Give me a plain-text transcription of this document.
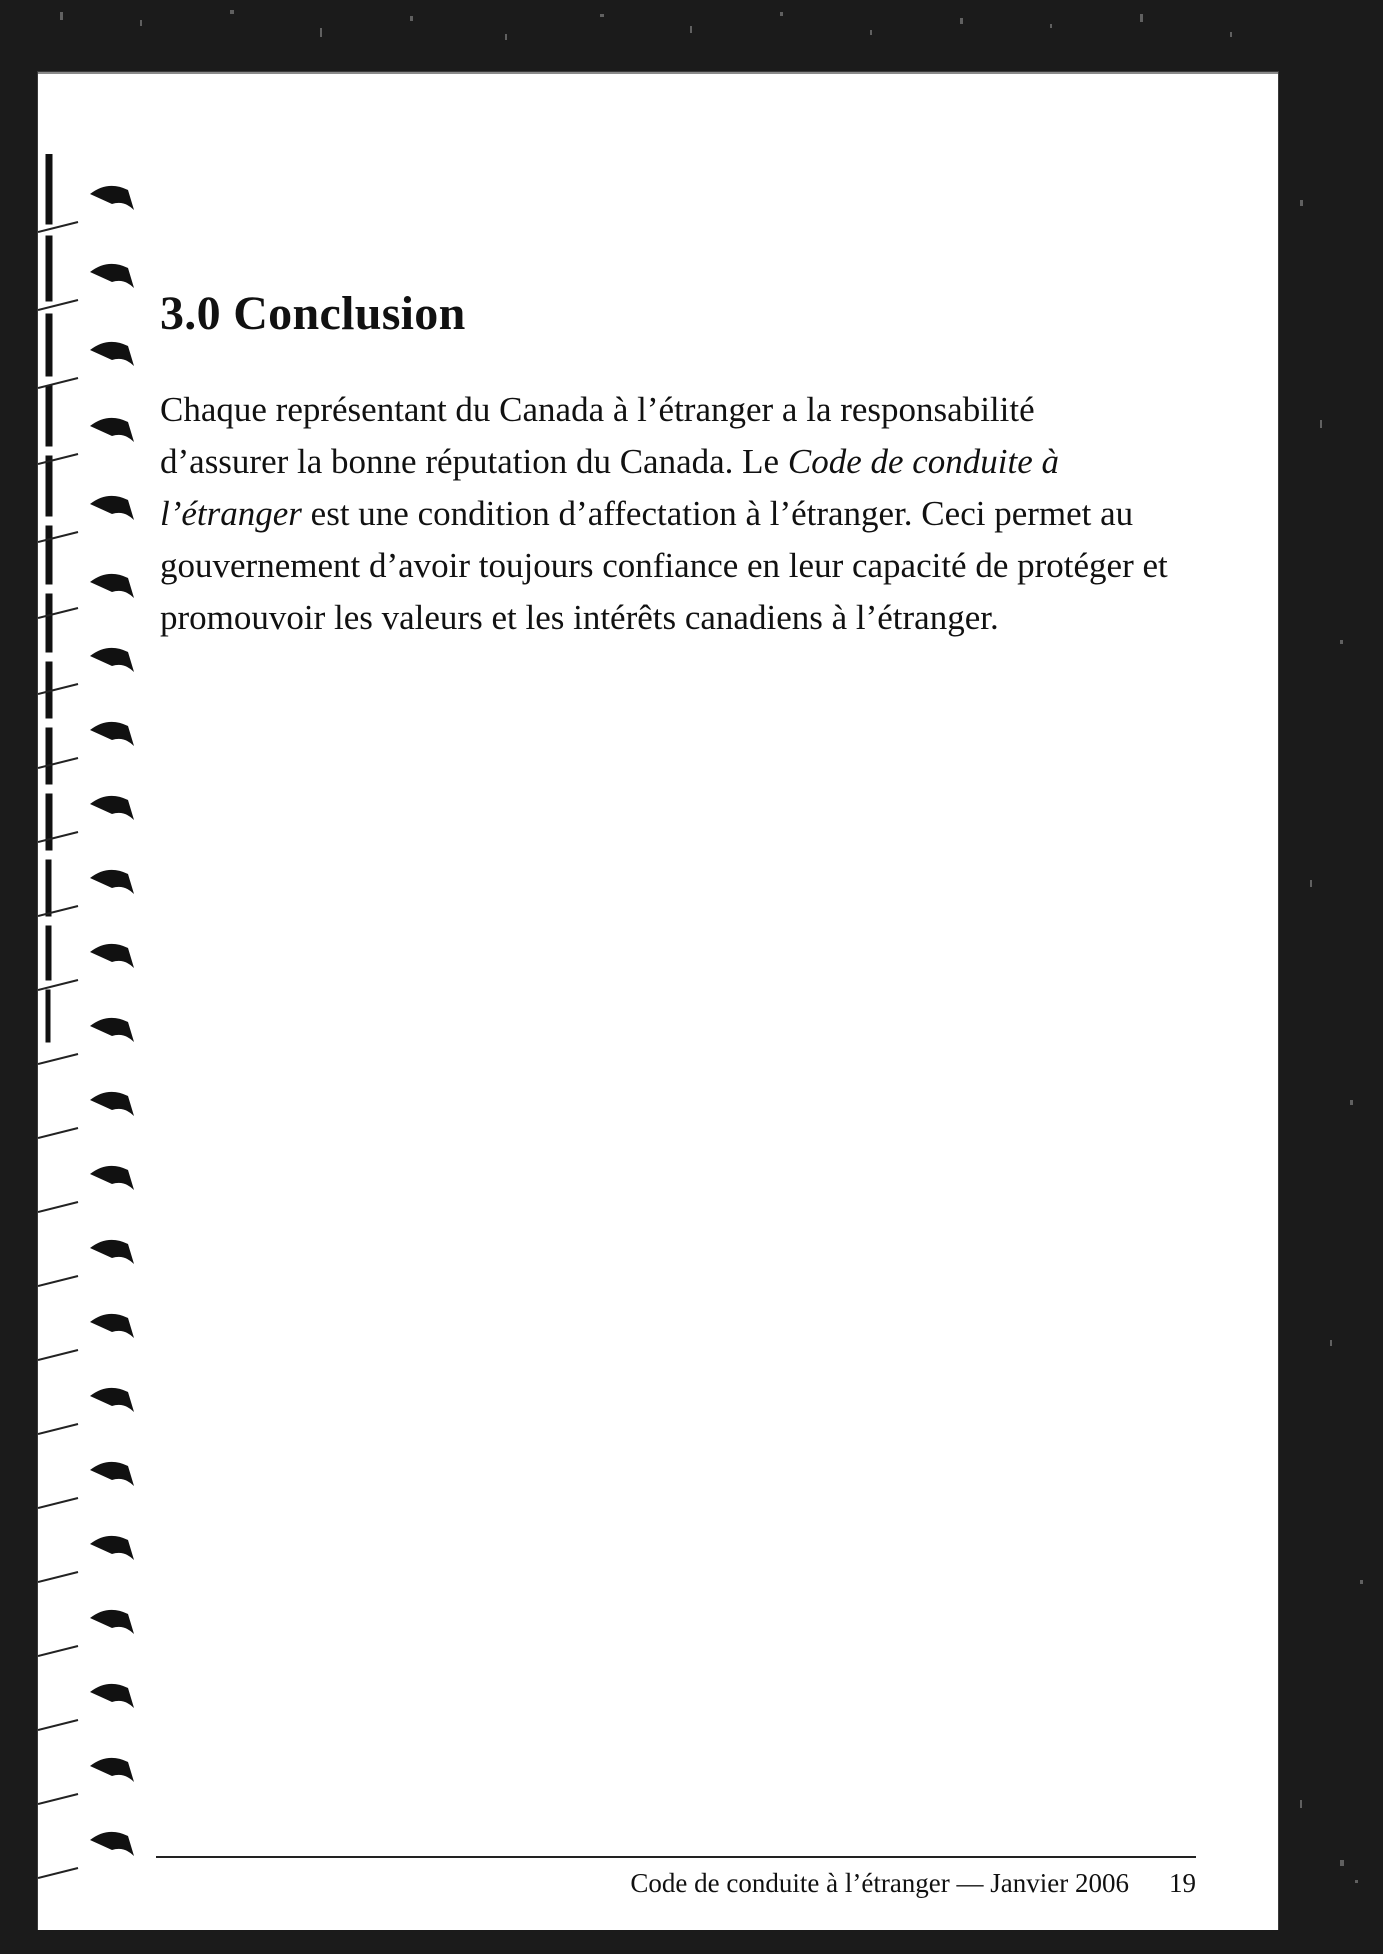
3.0 Conclusion

Chaque représentant du Canada à l’étranger a la responsabilité d’assurer la bonne réputation du Canada. Le Code de conduite à l’étranger est une condition d’affectation à l’étranger. Ceci permet au gouvernement d’avoir toujours confiance en leur capacité de protéger et promouvoir les valeurs et les intérêts canadiens à l’étranger.

Code de conduite à l’étranger — Janvier 2006 19
